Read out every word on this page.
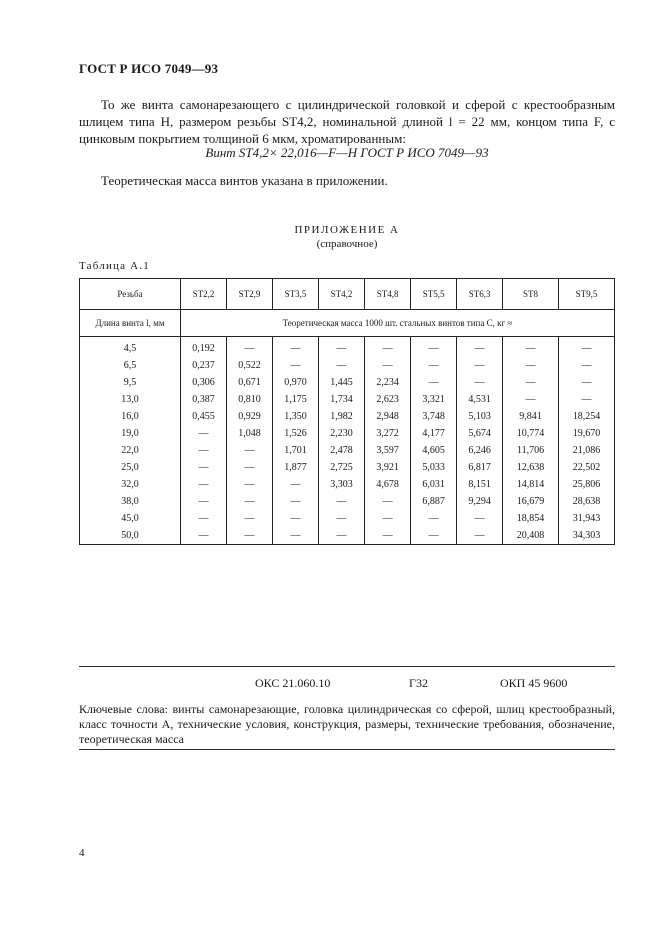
ГОСТ Р ИСО 7049—93
То же винта самонарезающего с цилиндрической головкой и сферой с крестообразным шлицем типа H, размером резьбы ST4,2, номинальной длиной l = 22 мм, концом типа F, с цинковым покрытием толщиной 6 мкм, хроматированным:
Винт ST4,2× 22,016—F—H ГОСТ Р ИСО 7049—93
Теоретическая масса винтов указана в приложении.
ПРИЛОЖЕНИЕ А
(справочное)
Таблица А.1
Резьба	ST2,2	ST2,9	ST3,5	ST4,2	ST4,8	ST5,5	ST6,3	ST8	ST9,5
Длина винта l, мм	Теоретическая масса 1000 шт. стальных винтов типа С, кг ≈								
4,5	0,192	—	—	—	—	—	—	—	—
6,5	0,237	0,522	—	—	—	—	—	—	—
9,5	0,306	0,671	0,970	1,445	2,234	—	—	—	—
13,0	0,387	0,810	1,175	1,734	2,623	3,321	4,531	—	—
16,0	0,455	0,929	1,350	1,982	2,948	3,748	5,103	9,841	18,254
19,0	—	1,048	1,526	2,230	3,272	4,177	5,674	10,774	19,670
22,0	—	—	1,701	2,478	3,597	4,605	6,246	11,706	21,086
25,0	—	—	1,877	2,725	3,921	5,033	6,817	12,638	22,502
32,0	—	—	—	3,303	4,678	6,031	8,151	14,814	25,806
38,0	—	—	—	—	—	6,887	9,294	16,679	28,638
45,0	—	—	—	—	—	—	—	18,854	31,943
50,0	—	—	—	—	—	—	—	20,408	34,303
ОКС 21.060.10	Г32	ОКП 45 9600
Ключевые слова: винты самонарезающие, головка цилиндрическая со сферой, шлиц крестообразный, класс точности А, технические условия, конструкция, размеры, технические требования, обозначение, теоретическая масса
4
